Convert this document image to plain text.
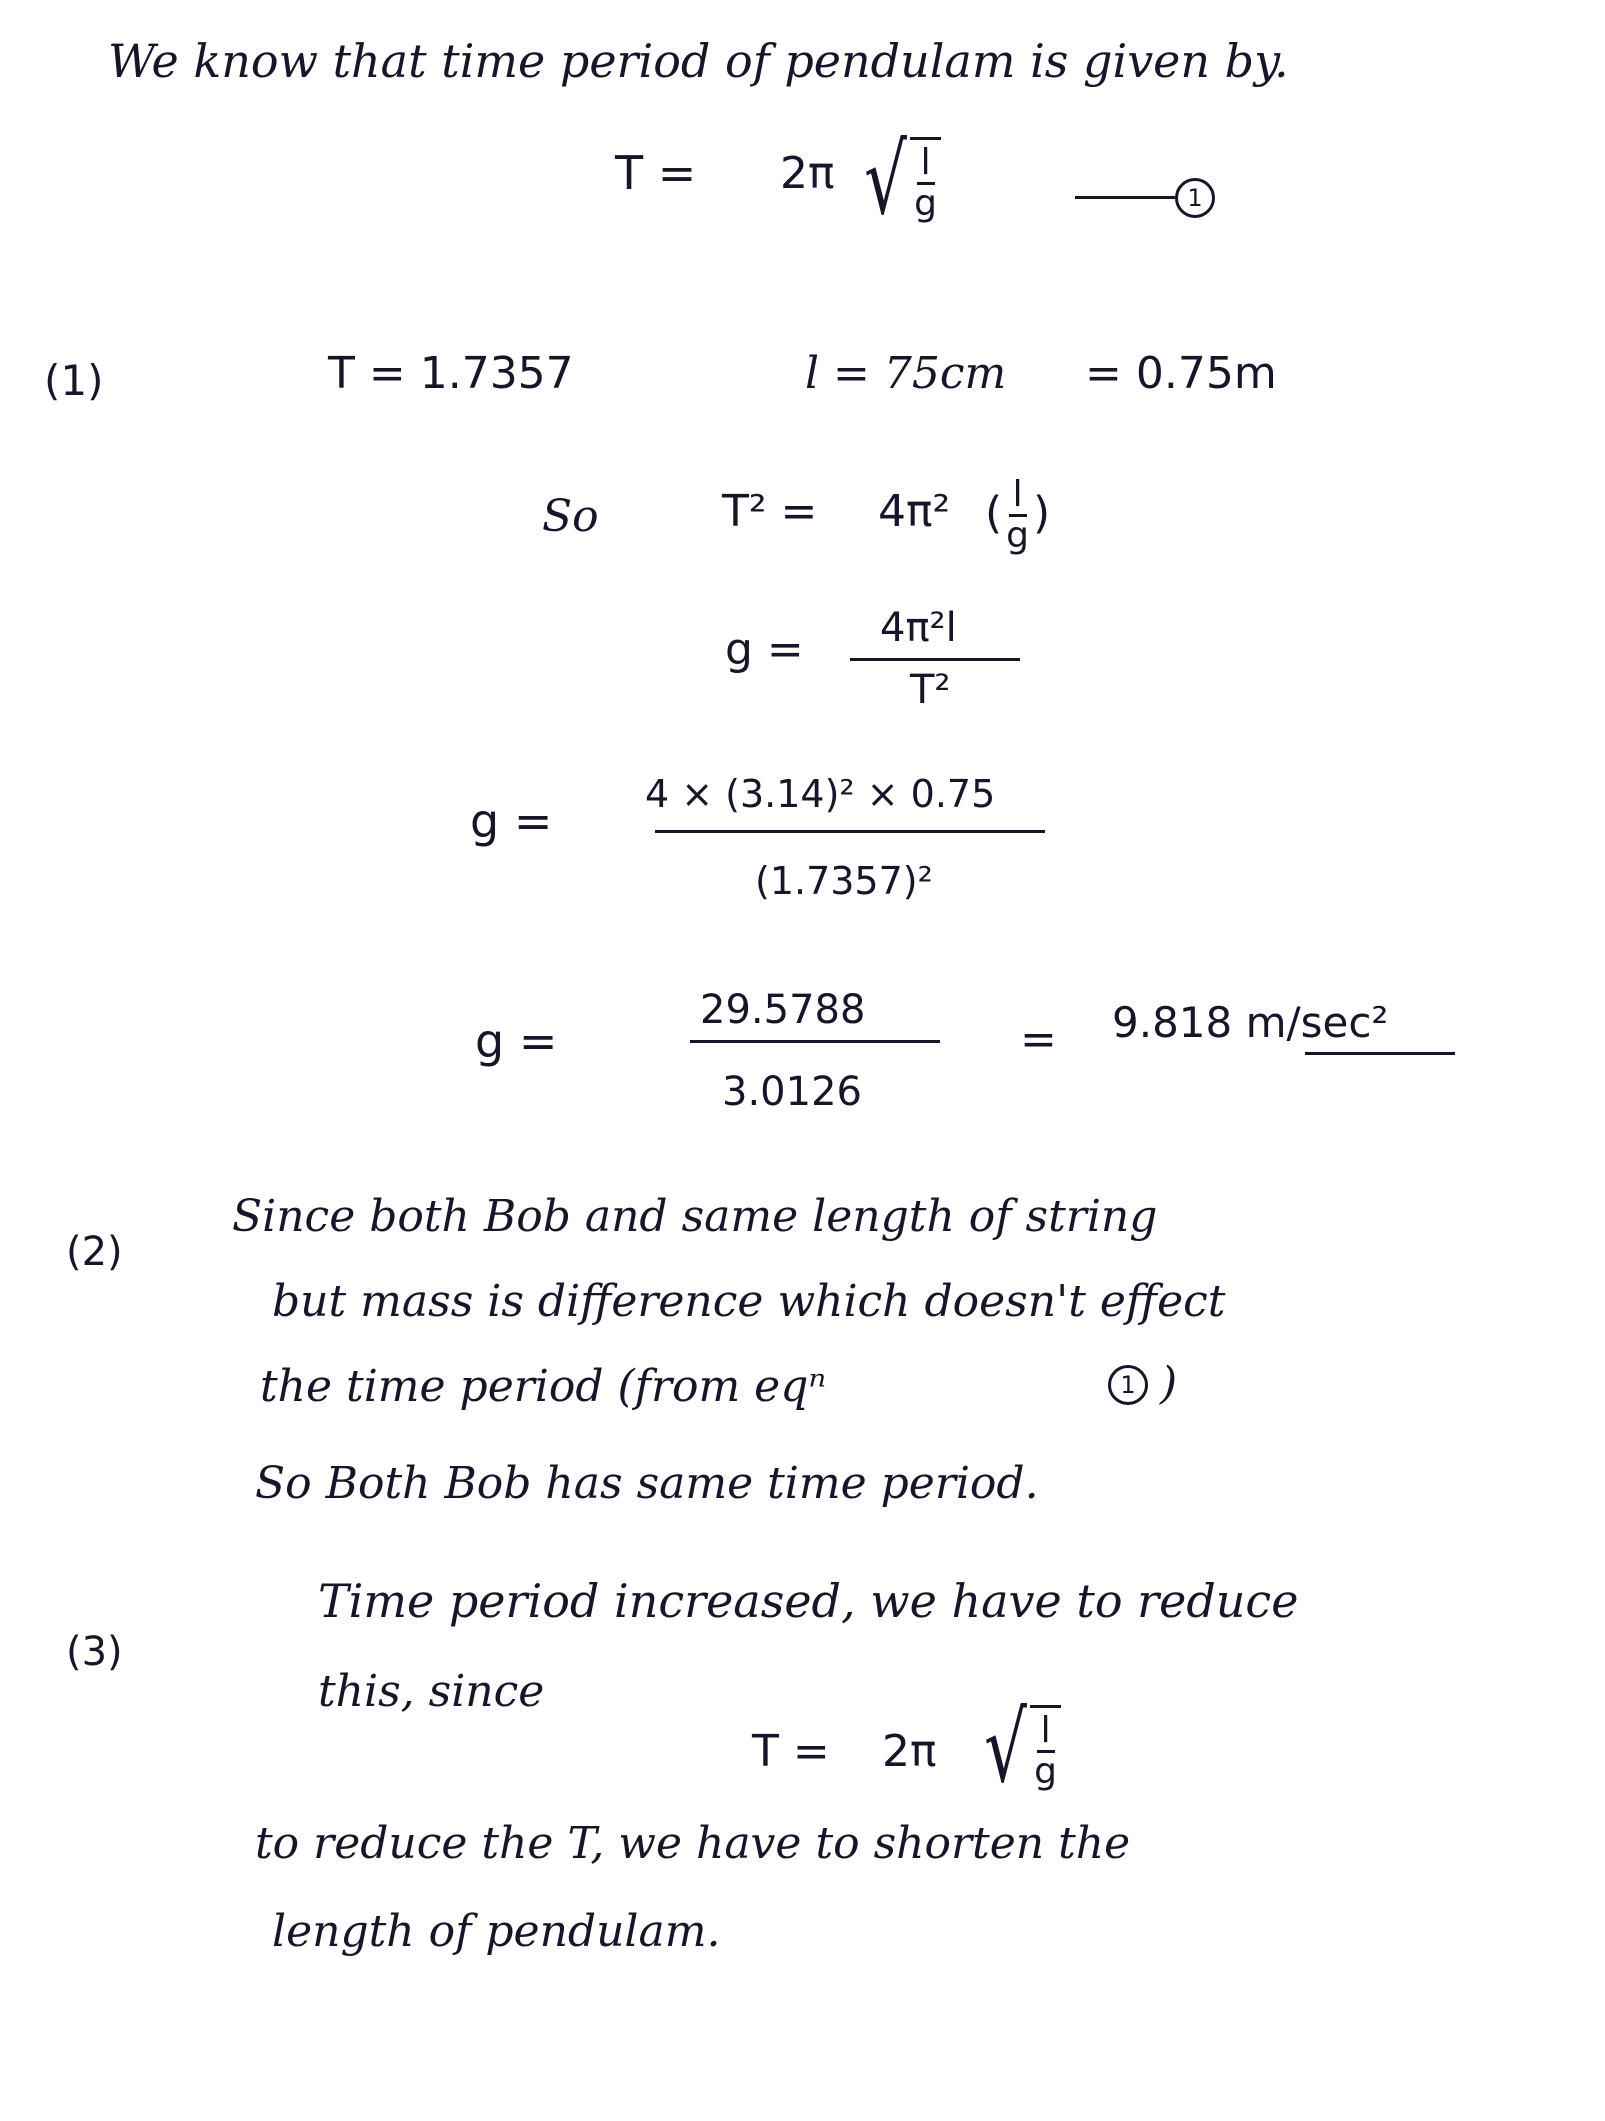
We know that time period of pendulam is given by.
T = 2π √ $\frac{l}{g}$	1
(1)	T = 1.7357	l = 75cm = 0.75m
So	T² = 4π² ( $\frac{l}{g}$ )
g = 4π²l
T²
g = 4 × (3.14)² × 0.75
(1.7357)²
g =
29.5788
3.0126
= 9.818 m/sec²
(2)
Since both Bob and same length of string
but mass is difference which doesn't effect
the time period (from eqⁿ	1 )
So Both Bob has same time period.
(3)
Time period increased, we have to reduce
this, since
T = 2π √ $\frac{l}{g}$
to reduce the T, we have to shorten the
length of pendulam.
